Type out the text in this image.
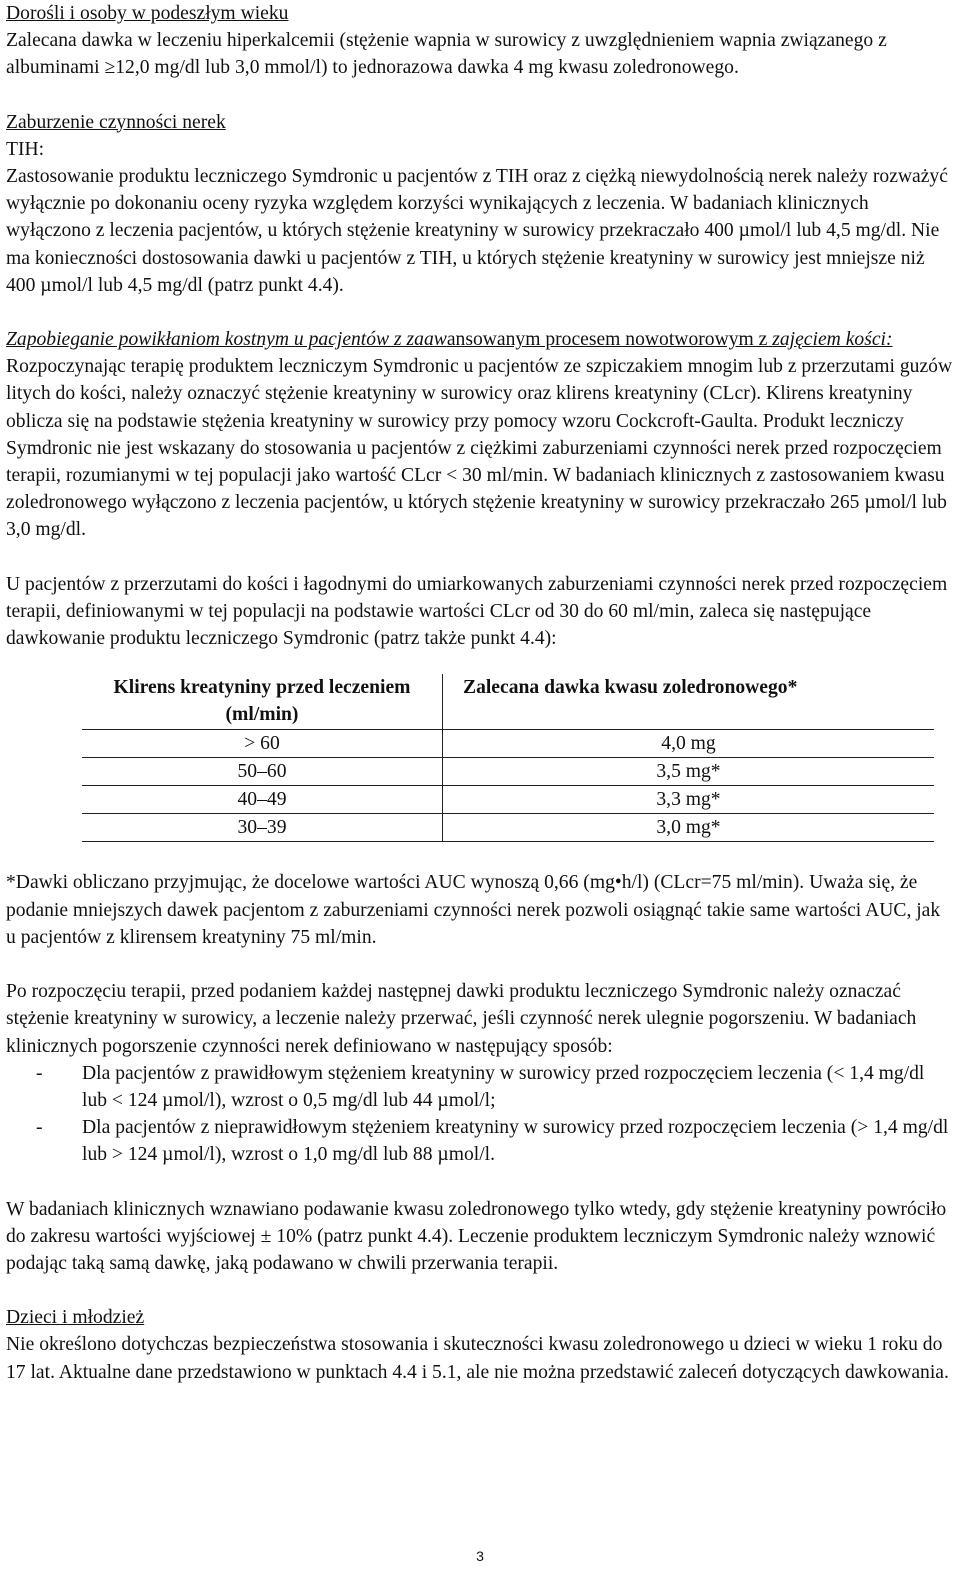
Dorośli i osoby w podeszłym wieku

Zalecana dawka w leczeniu hiperkalcemii (stężenie wapnia w surowicy z uwzględnieniem wapnia związanego z albuminami ≥12,0 mg/dl lub 3,0 mmol/l) to jednorazowa dawka 4 mg kwasu zoledronowego.

Zaburzenie czynności nerek

TIH:

Zastosowanie produktu leczniczego Symdronic u pacjentów z TIH oraz z ciężką niewydolnością nerek należy rozważyć wyłącznie po dokonaniu oceny ryzyka względem korzyści wynikających z leczenia. W badaniach klinicznych wyłączono z leczenia pacjentów, u których stężenie kreatyniny w surowicy przekraczało 400 µmol/l lub 4,5 mg/dl. Nie ma konieczności dostosowania dawki u pacjentów z TIH, u których stężenie kreatyniny w surowicy jest mniejsze niż 400 µmol/l lub 4,5 mg/dl (patrz punkt 4.4).

Zapobieganie powikłaniom kostnym u pacjentów z zaawansowanym procesem nowotworowym z zajęciem kości:

Rozpoczynając terapię produktem leczniczym Symdronic u pacjentów ze szpiczakiem mnogim lub z przerzutami guzów litych do kości, należy oznaczyć stężenie kreatyniny w surowicy oraz klirens kreatyniny (CLcr). Klirens kreatyniny oblicza się na podstawie stężenia kreatyniny w surowicy przy pomocy wzoru Cockcroft-Gaulta. Produkt leczniczy Symdronic nie jest wskazany do stosowania u pacjentów z ciężkimi zaburzeniami czynności nerek przed rozpoczęciem terapii, rozumianymi w tej populacji jako wartość CLcr < 30 ml/min. W badaniach klinicznych z zastosowaniem kwasu zoledronowego wyłączono z leczenia pacjentów, u których stężenie kreatyniny w surowicy przekraczało 265 µmol/l lub 3,0 mg/dl.

U pacjentów z przerzutami do kości i łagodnymi do umiarkowanych zaburzeniami czynności nerek przed rozpoczęciem terapii, definiowanymi w tej populacji na podstawie wartości CLcr od 30 do 60 ml/min, zaleca się następujące dawkowanie produktu leczniczego Symdronic (patrz także punkt 4.4):

Klirens kreatyniny przed leczeniem (ml/min)	Zalecana dawka kwasu zoledronowego*
> 60	4,0 mg
50–60	3,5 mg*
40–49	3,3 mg*
30–39	3,0 mg*

*Dawki obliczano przyjmując, że docelowe wartości AUC wynoszą 0,66 (mg•h/l) (CLcr=75 ml/min). Uważa się, że podanie mniejszych dawek pacjentom z zaburzeniami czynności nerek pozwoli osiągnąć takie same wartości AUC, jak u pacjentów z klirensem kreatyniny 75 ml/min.

Po rozpoczęciu terapii, przed podaniem każdej następnej dawki produktu leczniczego Symdronic należy oznaczać stężenie kreatyniny w surowicy, a leczenie należy przerwać, jeśli czynność nerek ulegnie pogorszeniu. W badaniach klinicznych pogorszenie czynności nerek definiowano w następujący sposób:

- Dla pacjentów z prawidłowym stężeniem kreatyniny w surowicy przed rozpoczęciem leczenia (< 1,4 mg/dl lub < 124 µmol/l), wzrost o 0,5 mg/dl lub 44 µmol/l;
- Dla pacjentów z nieprawidłowym stężeniem kreatyniny w surowicy przed rozpoczęciem leczenia (> 1,4 mg/dl lub > 124 µmol/l), wzrost o 1,0 mg/dl lub 88 µmol/l.

W badaniach klinicznych wznawiano podawanie kwasu zoledronowego tylko wtedy, gdy stężenie kreatyniny powróciło do zakresu wartości wyjściowej ± 10% (patrz punkt 4.4). Leczenie produktem leczniczym Symdronic należy wznowić podając taką samą dawkę, jaką podawano w chwili przerwania terapii.

Dzieci i młodzież

Nie określono dotychczas bezpieczeństwa stosowania i skuteczności kwasu zoledronowego u dzieci w wieku 1 roku do 17 lat. Aktualne dane przedstawiono w punktach 4.4 i 5.1, ale nie można przedstawić zaleceń dotyczących dawkowania.

3
